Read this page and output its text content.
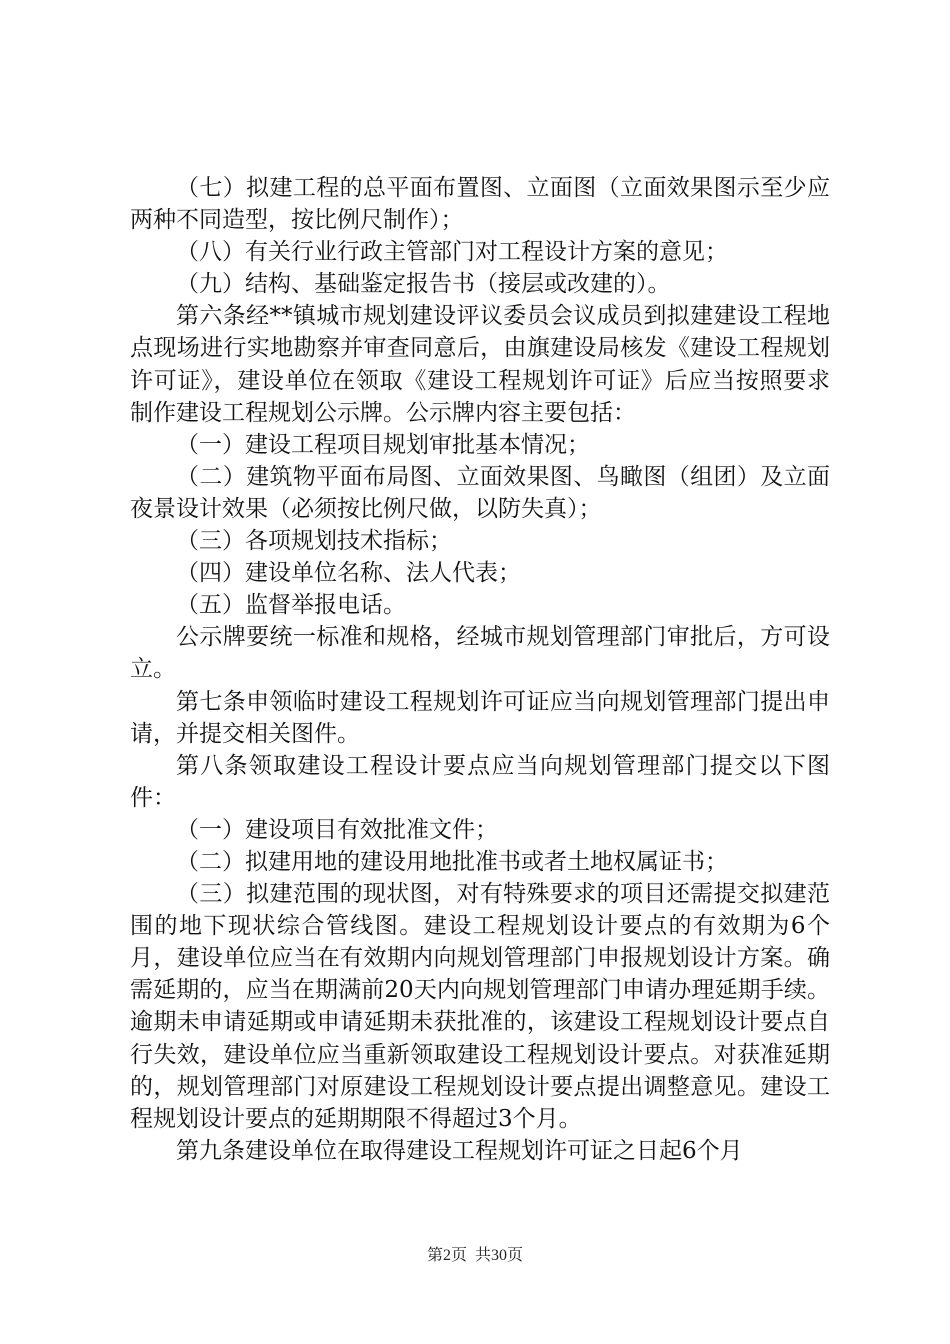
（七）拟建工程的总平面布置图、立面图（立面效果图示至少应两种不同造型，按比例尺制作）；

（八）有关行业行政主管部门对工程设计方案的意见；

（九）结构、基础鉴定报告书（接层或改建的）。

第六条经**镇城市规划建设评议委员会议成员到拟建建设工程地点现场进行实地勘察并审查同意后，由旗建设局核发《建设工程规划许可证》，建设单位在领取《建设工程规划许可证》后应当按照要求制作建设工程规划公示牌。公示牌内容主要包括：

（一）建设工程项目规划审批基本情况；

（二）建筑物平面布局图、立面效果图、鸟瞰图（组团）及立面夜景设计效果（必须按比例尺做，以防失真）；

（三）各项规划技术指标；

（四）建设单位名称、法人代表；

（五）监督举报电话。

公示牌要统一标准和规格，经城市规划管理部门审批后，方可设立。

第七条申领临时建设工程规划许可证应当向规划管理部门提出申请，并提交相关图件。

第八条领取建设工程设计要点应当向规划管理部门提交以下图件：

（一）建设项目有效批准文件；

（二）拟建用地的建设用地批准书或者土地权属证书；

（三）拟建范围的现状图，对有特殊要求的项目还需提交拟建范围的地下现状综合管线图。建设工程规划设计要点的有效期为6个月，建设单位应当在有效期内向规划管理部门申报规划设计方案。确需延期的，应当在期满前20天内向规划管理部门申请办理延期手续。逾期未申请延期或申请延期未获批准的，该建设工程规划设计要点自行失效，建设单位应当重新领取建设工程规划设计要点。对获准延期的，规划管理部门对原建设工程规划设计要点提出调整意见。建设工程规划设计要点的延期期限不得超过3个月。

第九条建设单位在取得建设工程规划许可证之日起6个月

第2页  共30页
